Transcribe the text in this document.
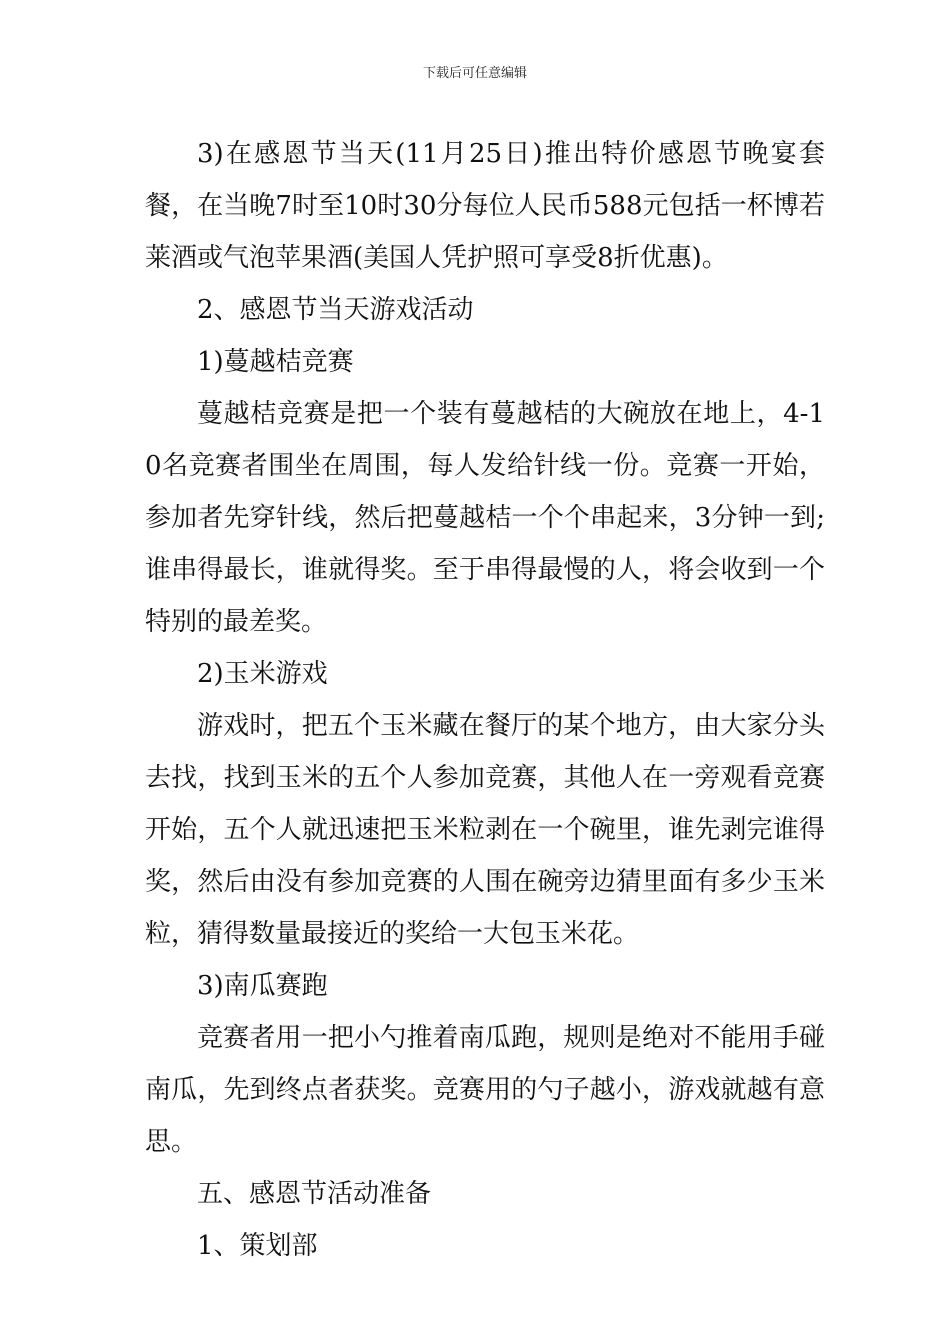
下载后可任意编辑

3)在感恩节当天(11月25日)推出特价感恩节晚宴套餐，在当晚7时至10时30分每位人民币588元包括一杯博若莱酒或气泡苹果酒(美国人凭护照可享受8折优惠)。

2、感恩节当天游戏活动

1)蔓越桔竞赛

蔓越桔竞赛是把一个装有蔓越桔的大碗放在地上，4-10名竞赛者围坐在周围，每人发给针线一份。竞赛一开始，参加者先穿针线，然后把蔓越桔一个个串起来，3分钟一到;谁串得最长，谁就得奖。至于串得最慢的人，将会收到一个特别的最差奖。

2)玉米游戏

游戏时，把五个玉米藏在餐厅的某个地方，由大家分头去找，找到玉米的五个人参加竞赛，其他人在一旁观看竞赛开始，五个人就迅速把玉米粒剥在一个碗里，谁先剥完谁得奖，然后由没有参加竞赛的人围在碗旁边猜里面有多少玉米粒，猜得数量最接近的奖给一大包玉米花。

3)南瓜赛跑

竞赛者用一把小勺推着南瓜跑，规则是绝对不能用手碰南瓜，先到终点者获奖。竞赛用的勺子越小，游戏就越有意思。

五、感恩节活动准备

1、策划部
